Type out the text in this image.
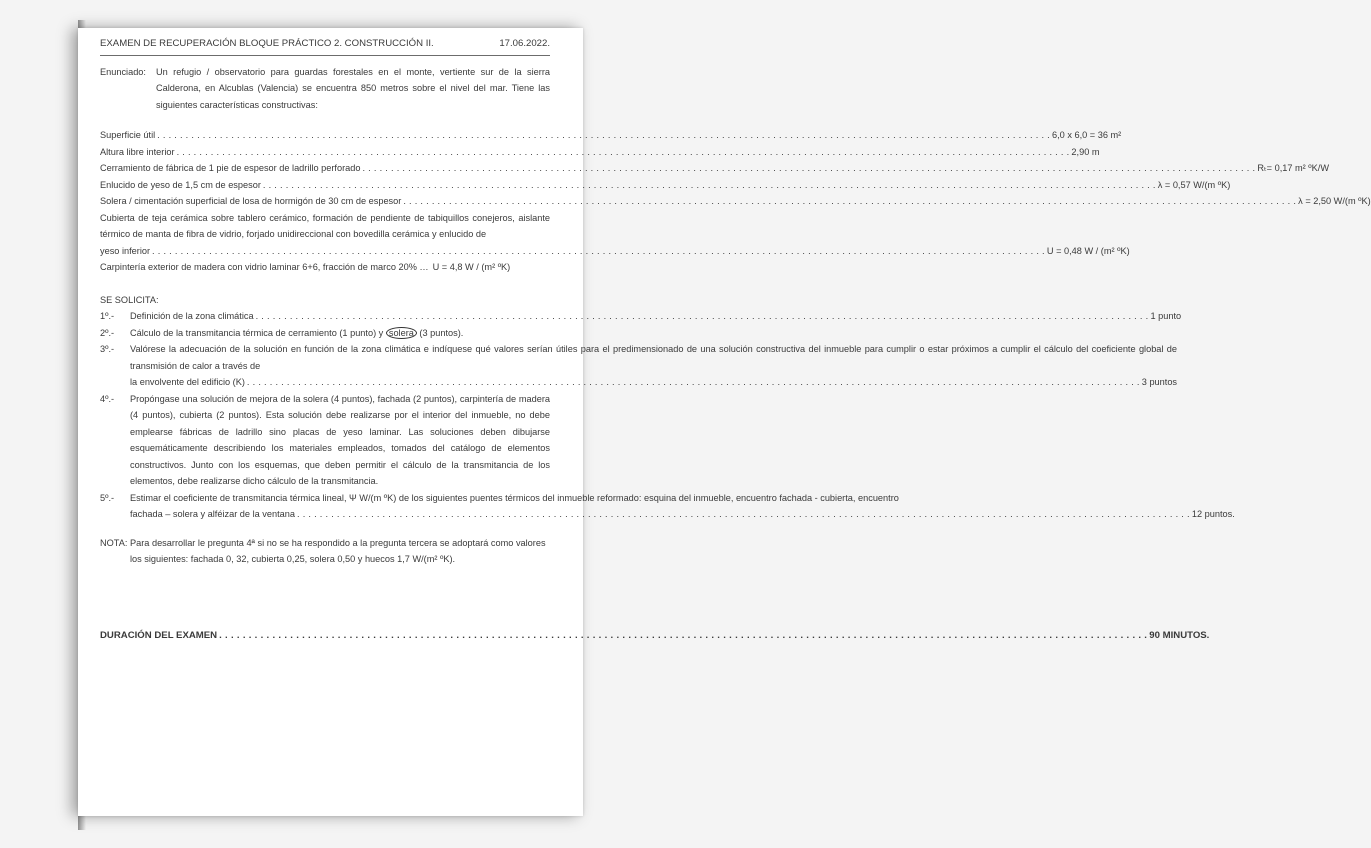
EXAMEN DE RECUPERACIÓN BLOQUE PRÁCTICO 2. CONSTRUCCIÓN II.	17.06.2022.
Enunciado:	Un refugio / observatorio para guardas forestales en el monte, vertiente sur de la sierra Calderona, en Alcublas (Valencia) se encuentra 850 metros sobre el nivel del mar. Tiene las siguientes características constructivas:
Superficie útil . . .	6,0 x 6,0 = 36 m²
Altura libre interior . . .	2,90 m
Cerramiento de fábrica de 1 pie de espesor de ladrillo perforado . . .	Rₜ= 0,17 m² ºK/W
Enlucido de yeso de 1,5 cm de espesor . . .	λ = 0,57 W/(m ºK)
Solera / cimentación superficial de losa de hormigón de 30 cm de espesor . . .	λ = 2,50 W/(m ºK)
Cubierta de teja cerámica sobre tablero cerámico, formación de pendiente de tabiquillos conejeros, aislante térmico de manta de fibra de vidrio, forjado unidireccional con bovedilla cerámica y enlucido de
yeso inferior . . .	U = 0,48 W / (m² ºK)
Carpintería exterior de madera con vidrio laminar 6+6, fracción de marco 20% … U = 4,8 W / (m² ºK)
SE SOLICITA:
1º.-	Definición de la zona climática . . .	1 punto
2º.-	Cálculo de la transmitancia térmica de cerramiento (1 punto) y solera (3 puntos).
3º.-	Valórese la adecuación de la solución en función de la zona climática e indíquese qué valores serían útiles para el predimensionado de una solución constructiva del inmueble para cumplir o estar próximos a cumplir el cálculo del coeficiente global de transmisión de calor a través de
la envolvente del edificio (K) . . .	3 puntos
4º.-	Propóngase una solución de mejora de la solera (4 puntos), fachada (2 puntos), carpintería de madera (4 puntos), cubierta (2 puntos). Esta solución debe realizarse por el interior del inmueble, no debe emplearse fábricas de ladrillo sino placas de yeso laminar. Las soluciones deben dibujarse esquemáticamente describiendo los materiales empleados, tomados del catálogo de elementos constructivos. Junto con los esquemas, que deben permitir el cálculo de la transmitancia de los elementos, debe realizarse dicho cálculo de la transmitancia.
5º.-	Estimar el coeficiente de transmitancia térmica lineal, Ψ W/(m ºK) de los siguientes puentes térmicos del inmueble reformado: esquina del inmueble, encuentro fachada - cubierta, encuentro
fachada – solera y alféizar de la ventana . . .	12 puntos.
NOTA: Para desarrollar le pregunta 4ª si no se ha respondido a la pregunta tercera se adoptará como valores los siguientes: fachada 0, 32, cubierta 0,25, solera 0,50 y huecos 1,7 W/(m² ºK).
DURACIÓN DEL EXAMEN . . .	90 MINUTOS.
